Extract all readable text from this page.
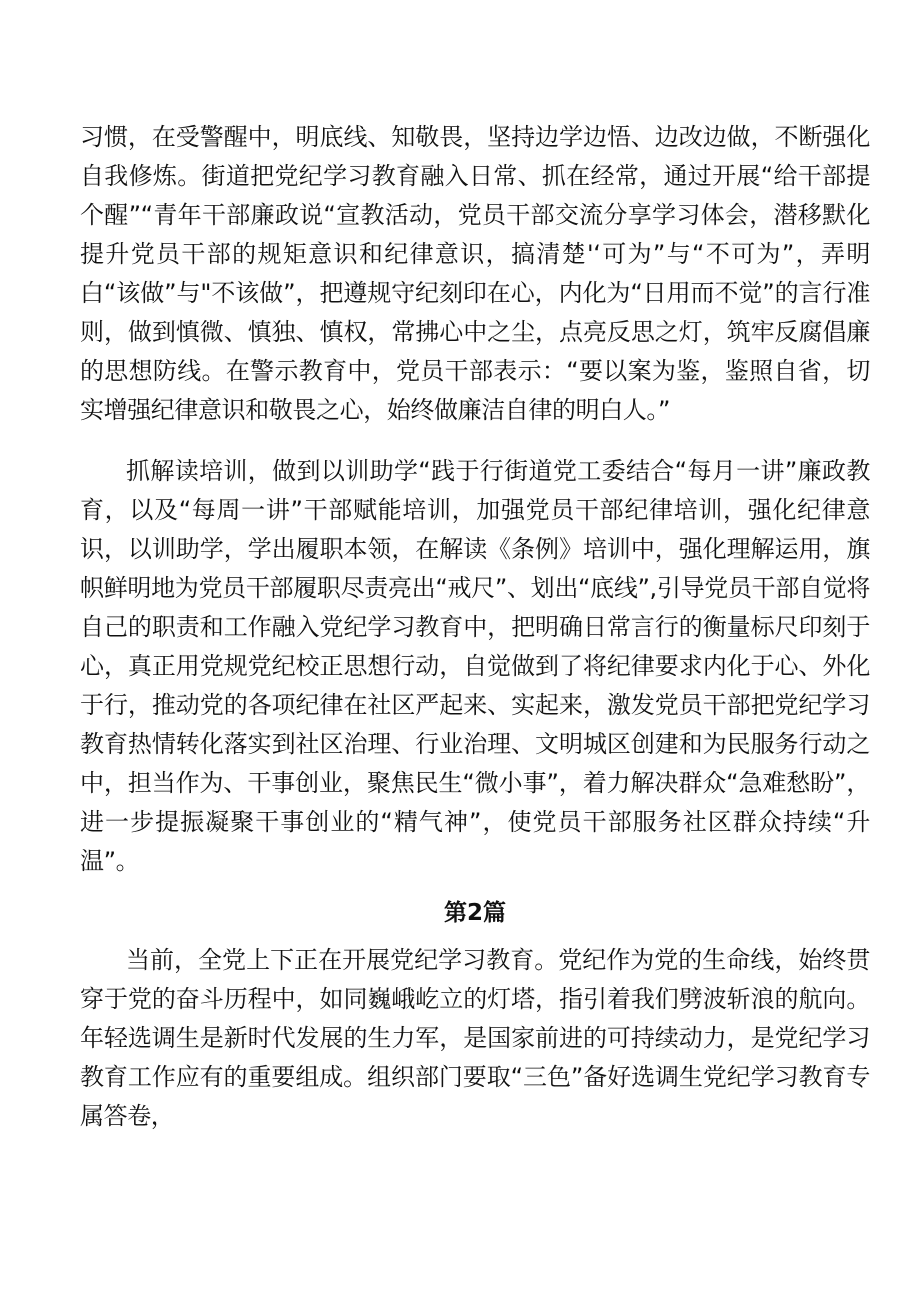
习惯，在受警醒中，明底线、知敬畏，坚持边学边悟、边改边做，不断强化自我修炼。街道把党纪学习教育融入日常、抓在经常，通过开展“给干部提个醒”“青年干部廉政说“宣教活动，党员干部交流分享学习体会，潜移默化提升党员干部的规矩意识和纪律意识，搞清楚'‘可为”与“不可为”，弄明白“该做”与"不该做”，把遵规守纪刻印在心，内化为“日用而不觉”的言行准则，做到慎微、慎独、慎权，常拂心中之尘，点亮反思之灯，筑牢反腐倡廉的思想防线。在警示教育中，党员干部表示：“要以案为鉴，鉴照自省，切实增强纪律意识和敬畏之心，始终做廉洁自律的明白人。”

抓解读培训，做到以训助学“践于行街道党工委结合“每月一讲”廉政教育，以及“每周一讲”干部赋能培训，加强党员干部纪律培训，强化纪律意识，以训助学，学出履职本领，在解读《条例》培训中，强化理解运用，旗帜鲜明地为党员干部履职尽责亮出“戒尺”、划出“底线”,引导党员干部自觉将自己的职责和工作融入党纪学习教育中，把明确日常言行的衡量标尺印刻于心，真正用党规党纪校正思想行动，自觉做到了将纪律要求内化于心、外化于行，推动党的各项纪律在社区严起来、实起来，激发党员干部把党纪学习教育热情转化落实到社区治理、行业治理、文明城区创建和为民服务行动之中，担当作为、干事创业，聚焦民生“微小事”，着力解决群众“急难愁盼”，进一步提振凝聚干事创业的“精气神”，使党员干部服务社区群众持续“升温”。

第2篇

当前，全党上下正在开展党纪学习教育。党纪作为党的生命线，始终贯穿于党的奋斗历程中，如同巍峨屹立的灯塔，指引着我们劈波斩浪的航向。年轻选调生是新时代发展的生力军，是国家前进的可持续动力，是党纪学习教育工作应有的重要组成。组织部门要取“三色”备好选调生党纪学习教育专属答卷，
